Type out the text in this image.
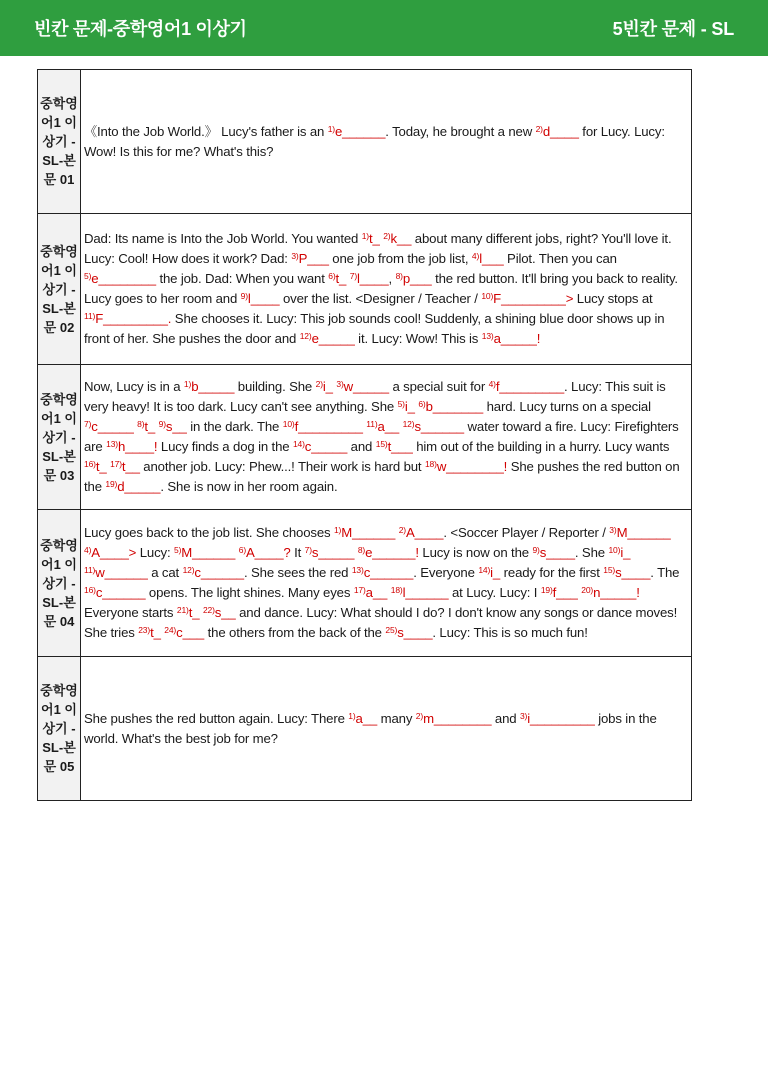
빈칸 문제-중학영어1 이상기	5빈칸 문제 - SL
중학영어1 이상기 - SL-본문 01	《Into the Job World.》 Lucy's father is an $^{1)}$e______. Today, he brought a new $^{2)}$d____ for Lucy. Lucy: Wow! Is this for me? What's this?
중학영어1 이상기 - SL-본문 02	Dad: Its name is Into the Job World. You wanted $^{1)}$t_ $^{2)}$k__ about many different jobs, right? You'll love it. Lucy: Cool! How does it work? Dad: $^{3)}$P___ one job from the job list, $^{4)}$l___ Pilot. Then you can $^{5)}$e________ the job. Dad: When you want $^{6)}$t_ $^{7)}$l____, $^{8)}$p___ the red button. It'll bring you back to reality. Lucy goes to her room and $^{9)}$l____ over the list. <Designer / Teacher / $^{10)}$F_________> Lucy stops at $^{11)}$F_________. She chooses it. Lucy: This job sounds cool! Suddenly, a shining blue door shows up in front of her. She pushes the door and $^{12)}$e_____ it. Lucy: Wow! This is $^{13)}$a_____!
중학영어1 이상기 - SL-본문 03	Now, Lucy is in a $^{1)}$b_____ building. She $^{2)}$i_ $^{3)}$w_____ a special suit for $^{4)}$f_________. Lucy: This suit is very heavy! It is too dark. Lucy can't see anything. She $^{5)}$i_ $^{6)}$b_______ hard. Lucy turns on a special $^{7)}$c_____ $^{8)}$t_ $^{9)}$s__ in the dark. The $^{10)}$f_________ $^{11)}$a__ $^{12)}$s______ water toward a fire. Lucy: Firefighters are $^{13)}$h____! Lucy finds a dog in the $^{14)}$c_____ and $^{15)}$t___ him out of the building in a hurry. Lucy wants $^{16)}$t_ $^{17)}$t__ another job. Lucy: Phew...! Their work is hard but $^{18)}$w________! She pushes the red button on the $^{19)}$d_____. She is now in her room again.
중학영어1 이상기 - SL-본문 04	Lucy goes back to the job list. She chooses $^{1)}$M______ $^{2)}$A____. <Soccer Player / Reporter / $^{3)}$M______ $^{4)}$A____> Lucy: $^{5)}$M______ $^{6)}$A____? It $^{7)}$s_____ $^{8)}$e______! Lucy is now on the $^{9)}$s____. She $^{10)}$i_ $^{11)}$w______ a cat $^{12)}$c______. She sees the red $^{13)}$c______. Everyone $^{14)}$i_ ready for the first $^{15)}$s____. The $^{16)}$c______ opens. The light shines. Many eyes $^{17)}$a__ $^{18)}$l______ at Lucy. Lucy: I $^{19)}$f___ $^{20)}$n_____! Everyone starts $^{21)}$t_ $^{22)}$s__ and dance. Lucy: What should I do? I don't know any songs or dance moves! She tries $^{23)}$t_ $^{24)}$c___ the others from the back of the $^{25)}$s____. Lucy: This is so much fun!
중학영어1 이상기 - SL-본문 05	She pushes the red button again. Lucy: There $^{1)}$a__ many $^{2)}$m________ and $^{3)}$i_________ jobs in the world. What's the best job for me?
